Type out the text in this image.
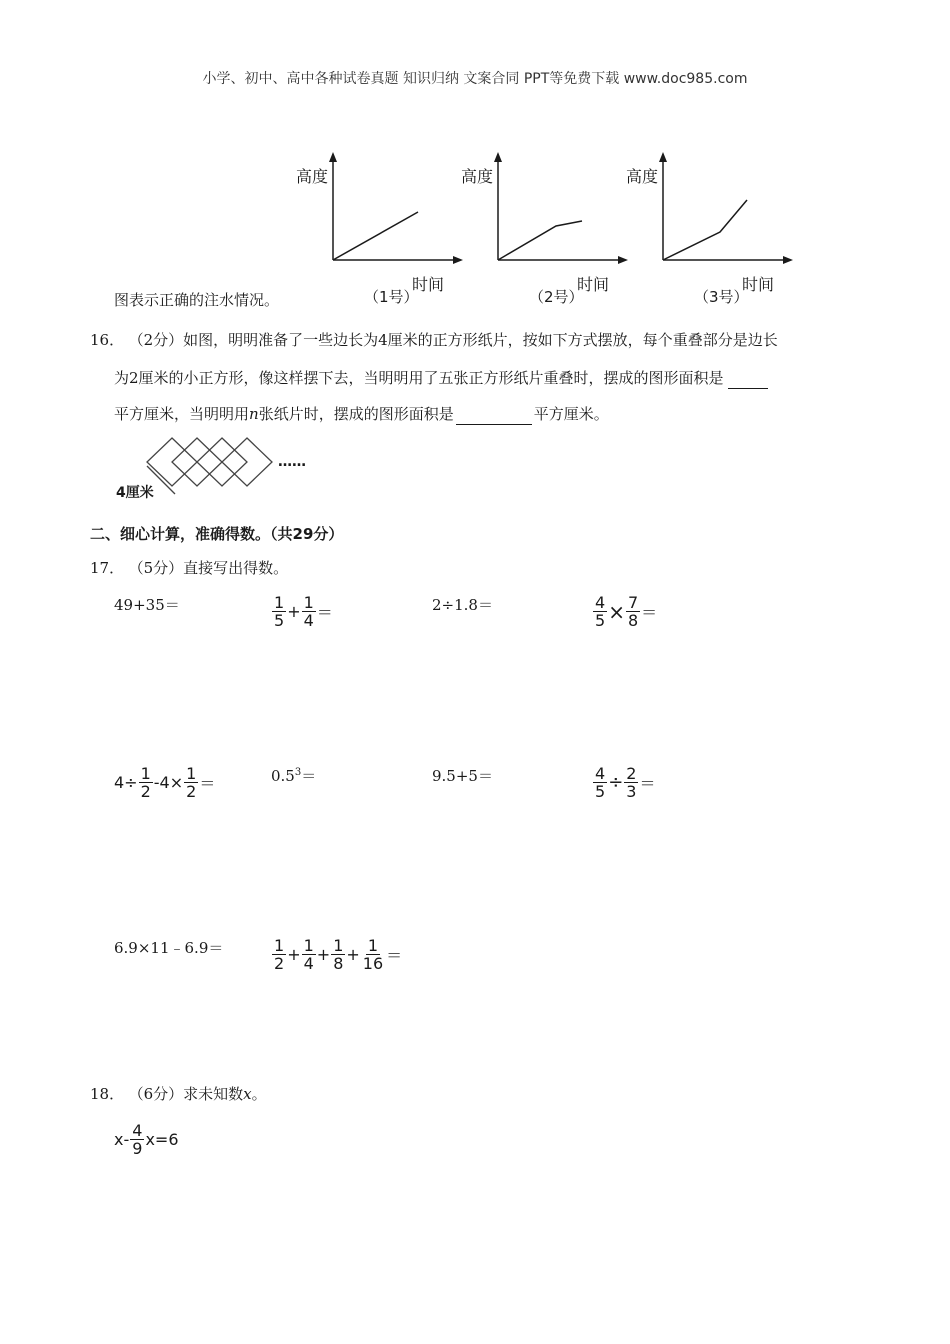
小学、初中、高中各种试卷真题 知识归纳 文案合同 PPT等免费下载 www.doc985.com
高度
时间
（1号）
高度
时间
（2号）
高度
时间
（3号）
图表示正确的注水情况。
16． （2分）如图，明明准备了一些边长为4厘米的正方形纸片，按如下方式摆放，每个重叠部分是边长
为2厘米的小正方形，像这样摆下去，当明明用了五张正方形纸片重叠时，摆成的图形面积是
平方厘米，当明明用n张纸片时，摆成的图形面积是	平方厘米。
……
4厘米
二、细心计算，准确得数。（共29分）
17． （5分）直接写出得数。
49+35＝	$\frac{1}{5} + \frac{1}{4}$ ＝	2÷1.8＝	$\frac{4}{5} \times \frac{7}{8}$ ＝
$4\div \frac{1}{2} -4\times \frac{1}{2}$ ＝	$0.5^3=$	9.5+5＝	$\frac{4}{5} \div \frac{2}{3}$ ＝
6.9×11﹣6.9＝	$\frac{1}{2} + \frac{1}{4} + \frac{1}{8} + \frac{1}{16}$ ＝
18． （6分）求未知数x。
$x- \frac{4}{9} x=6$
